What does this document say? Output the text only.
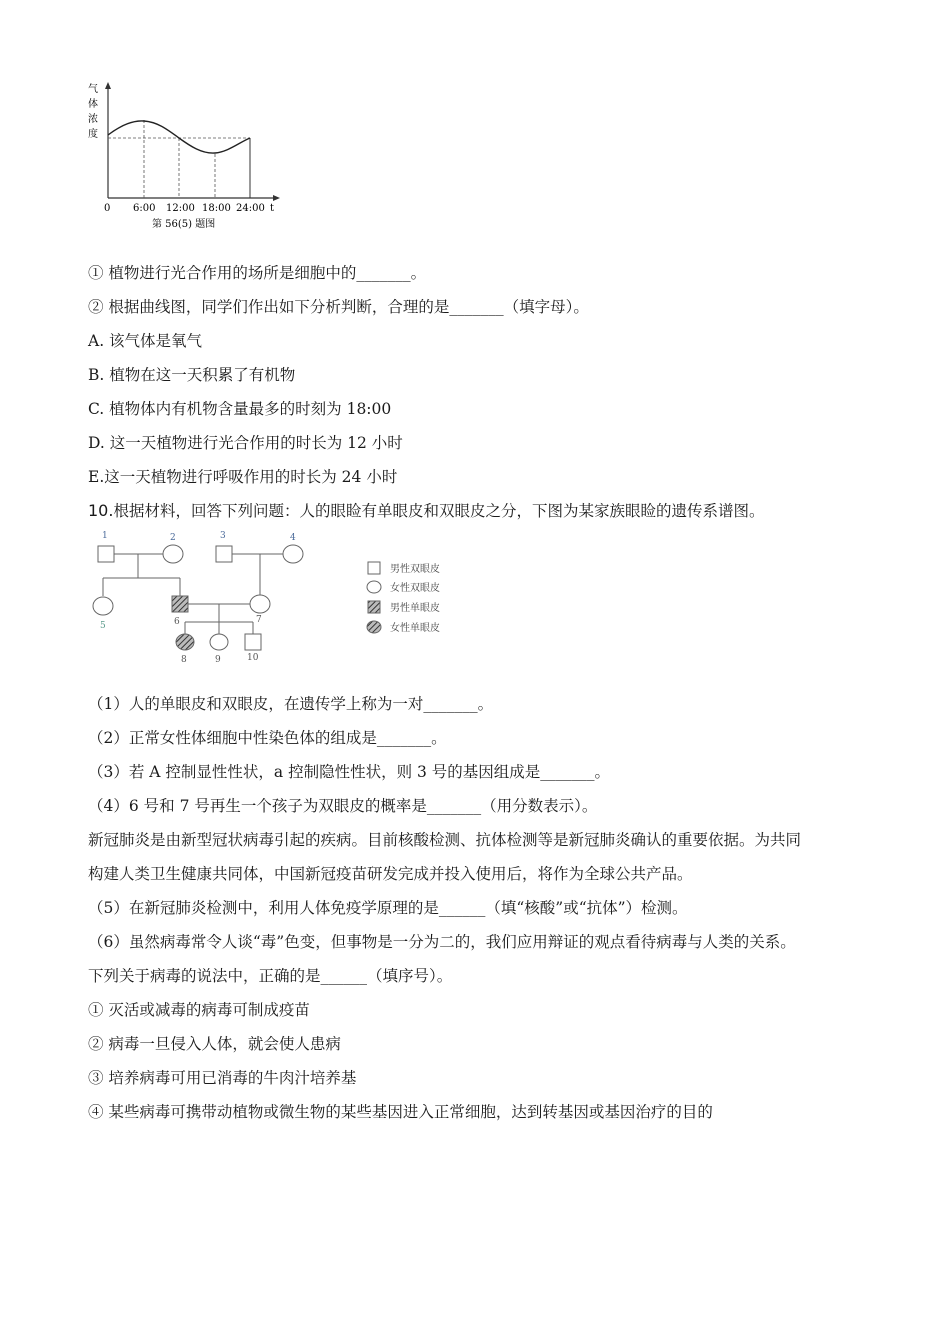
气
体
浓
度
0 6:00 12:00 18:00 24:00 t
第 56(5) 题图
① 植物进行光合作用的场所是细胞中的_______。
② 根据曲线图，同学们作出如下分析判断，合理的是_______（填字母）。
A. 该气体是氧气
B. 植物在这一天积累了有机物
C. 植物体内有机物含量最多的时刻为 18:00
D. 这一天植物进行光合作用的时长为 12 小时
E.这一天植物进行呼吸作用的时长为 24 小时
10.根据材料，回答下列问题：人的眼睑有单眼皮和双眼皮之分，下图为某家族眼睑的遗传系谱图。
1	2	3	4
5	6	7
8	9	10
男性双眼皮
女性双眼皮
男性单眼皮
女性单眼皮
（1）人的单眼皮和双眼皮，在遗传学上称为一对_______。
（2）正常女性体细胞中性染色体的组成是_______。
（3）若 A 控制显性性状，a 控制隐性性状，则 3 号的基因组成是_______。
（4）6 号和 7 号再生一个孩子为双眼皮的概率是_______（用分数表示）。
新冠肺炎是由新型冠状病毒引起的疾病。目前核酸检测、抗体检测等是新冠肺炎确认的重要依据。为共同
构建人类卫生健康共同体，中国新冠疫苗研发完成并投入使用后，将作为全球公共产品。
（5）在新冠肺炎检测中，利用人体免疫学原理的是______（填“核酸”或“抗体”）检测。
（6）虽然病毒常令人谈“毒”色变，但事物是一分为二的，我们应用辩证的观点看待病毒与人类的关系。
下列关于病毒的说法中，正确的是______（填序号）。
① 灭活或减毒的病毒可制成疫苗
② 病毒一旦侵入人体，就会使人患病
③ 培养病毒可用已消毒的牛肉汁培养基
④ 某些病毒可携带动植物或微生物的某些基因进入正常细胞，达到转基因或基因治疗的目的
